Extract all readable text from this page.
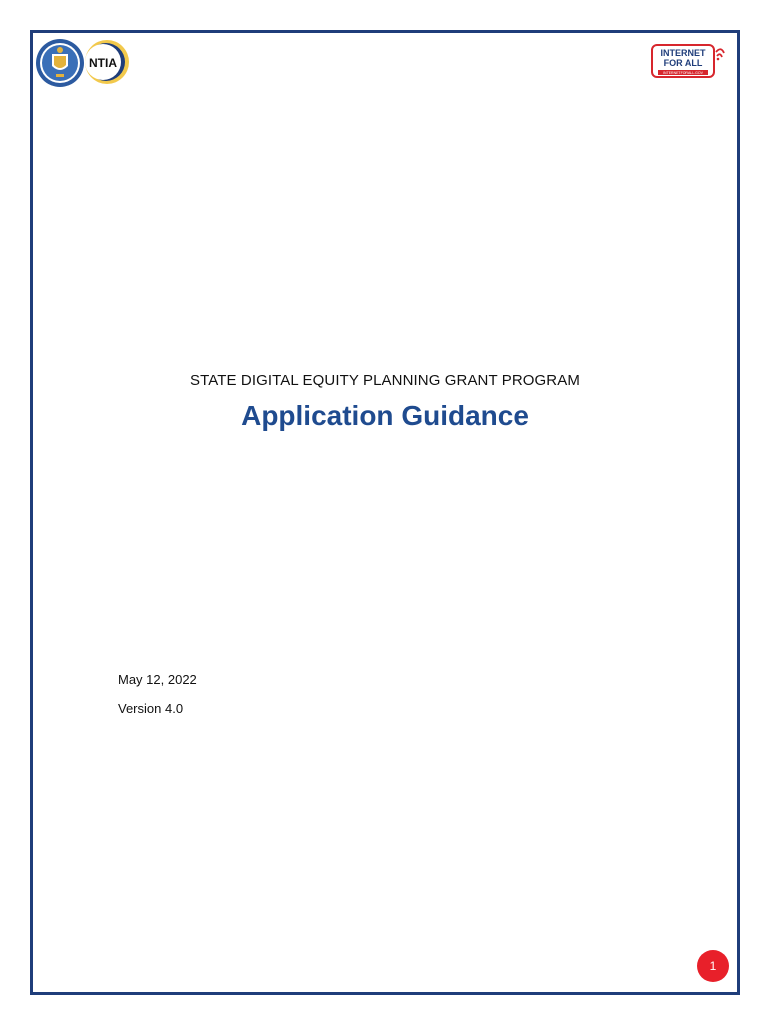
NTIA
INTERNET
FOR ALL
INTERNETFORALL.GOV
STATE DIGITAL EQUITY PLANNING GRANT PROGRAM
Application Guidance
May 12, 2022
Version 4.0
1
